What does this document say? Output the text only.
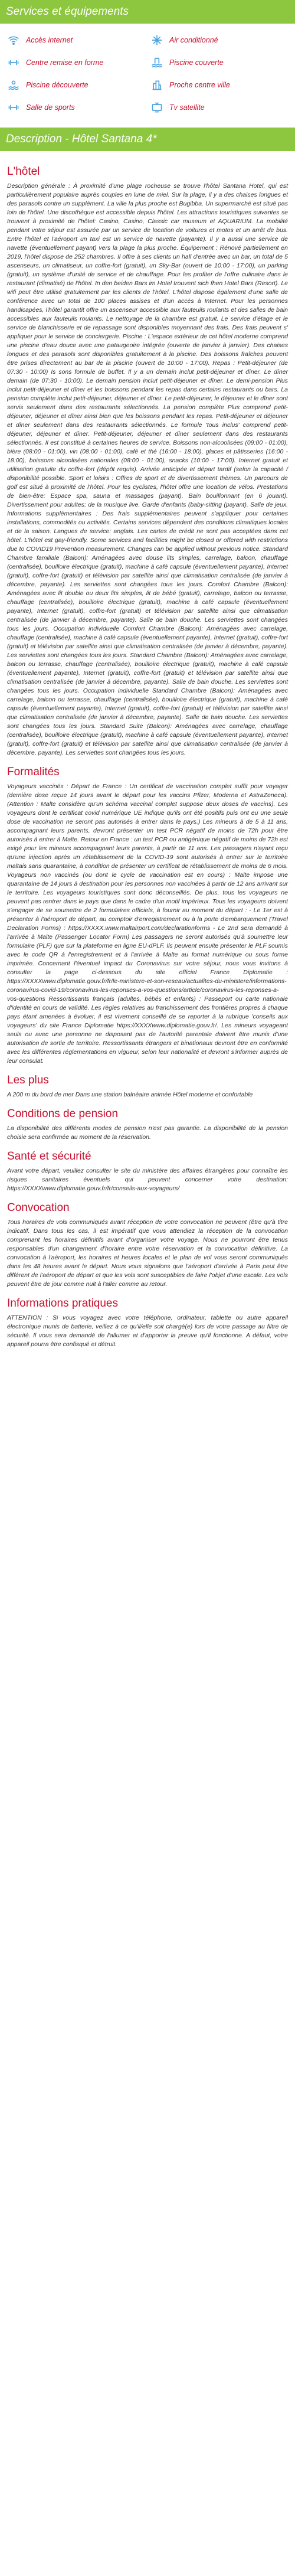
Services et équipements
Accès internet	Air conditionné
Centre remise en forme	Piscine couverte
Piscine découverte	Proche centre ville
Salle de sports	Tv satellite
Description - Hôtel Santana 4*
L'hôtel

Description générale : À proximité d'une plage rocheuse se trouve l'hôtel Santana Hotel, qui est particulièrement populaire auprès couples en lune de miel. Sur la plage, il y a des chaises longues et des parasols contre un supplément. La ville la plus proche est Bugibba. Un supermarché est situé pas loin de l'hôtel. Une discothèque est accessible depuis l'hôtel. Les attractions touristiques suivantes se trouvent à proximité de l'hôtel: Casino, Casino, Classic car museum et AQUARIUM. La mobilité pendant votre séjour est assurée par un service de location de voitures et motos et un arrêt de bus. Entre l'hôtel et l'aéroport un taxi est un service de navette (payante). Il y a aussi une service de navette (éventuellement payant) vers la plage la plus proche. Équipement : Rénové partiellement en 2019, l'hôtel dispose de 252 chambres. Il offre à ses clients un hall d'entrée avec un bar, un total de 5 ascenseurs, un climatiseur, un coffre-fort (gratuit), un Sky-Bar (ouvert de 10:00 - 17:00), un parking (gratuit), un système d'unité de service et de chauffage. Pour les profiter de l'offre culinaire dans le restaurant (climatisé) de l'hôtel. In den beiden Bars im Hotel trouvent sich fhen Hotel Bars (Resort). Le wifi peut être utilisé gratuitement par les clients de l'hôtel. L'hôtel dispose également d'une salle de conférence avec un total de 100 places assises et d'un accès à Internet. Pour les personnes handicapées, l'hôtel garantit offre un ascenseur accessible aux fauteuils roulants et des salles de bain accessibles aux fauteuils roulants. Le nettoyage de la chambre est gratuit. Le service d'étage et le service de blanchisserie et de repassage sont disponibles moyennant des frais. Des frais peuvent s' appliquer pour le service de conciergerie. Piscine : L'espace extérieur de cet hôtel moderne comprend une piscine d'eau douce avec une pataugeoire intégrée (ouverte de janvier à janvier). Des chaises longues et des parasols sont disponibles gratuitement à la piscine. Des boissons fraîches peuvent être prises directement au bar de la piscine (ouvert de 10:00 - 17:00). Repas : Petit-déjeuner (de 07:30 - 10:00) Is sons formule de buffet. Il y a un demain inclut petit-déjeuner et dîner. Le dîner demain (de 07:30 - 10:00). Le demain pension inclut petit-déjeuner et dîner. Le demi-pension Plus inclut petit-déjeuner et dîner et les boissons pendant les repas dans certains restaurants ou bars. La pension complète inclut petit-déjeuner, déjeuner et dîner. Le petit-déjeuner, le déjeuner et le dîner sont servis seulement dans des restaurants sélectionnés. La pension complète Plus comprend petit-déjeuner, déjeuner et dîner ainsi bien que les boissons pendant les repas. Petit-déjeuner et déjeuner et dîner seulement dans des restaurants sélectionnés. Le formule 'tous inclus' comprend petit-déjeuner, déjeuner et dîner. Petit-déjeuner, déjeuner et dîner seulement dans des restaurants sélectionnés. Il est constitué à certaines heures de service. Boissons non-alcoolisées (09:00 - 01:00), bière (08:00 - 01:00), vin (08:00 - 01:00), café et thé (16:00 - 18:00), glaces et pâtisseries (16:00 - 18:00), boissons alcoolisées nationales (08:00 - 01:00), snacks (10:00 - 17:00). Internet gratuit et utilisation gratuite du coffre-fort (dépôt requis). Arrivée anticipée et départ tardif (selon la capacité / disponibilité possible. Sport et loisirs : Offres de sport et de divertissement thèmes. Un parcours de golf est situé à proximité de l'hôtel. Pour les cyclistes, l'hôtel offre une location de vélos. Prestations de bien-être: Espace spa, sauna et massages (payant). Bain bouillonnant (en 6 jouant). Divertissement pour adultes: de la musique live. Garde d'enfants (baby-sitting (payant). Salle de jeux. Informations supplémentaires : Des frais supplémentaires peuvent s'appliquer pour certaines installations, commodités ou activités. Certains services dépendent des conditions climatiques locales et de la saison. Langues de service: anglais. Les cartes de crédit ne sont pas acceptées dans cet hôtel. L'hôtel est gay-friendly. Some services and facilities might be closed or offered with restrictions due to COVID19 Prevention measurement. Changes can be applied without previous notice. Standard Chambre familiale (Balcon): Aménagées avec douse lits simples, carrelage, balcon, chauffage (centralisée), bouilloire électrique (gratuit), machine à café capsule (éventuellement payante), Internet (gratuit), coffre-fort (gratuit) et télévision par satellite ainsi que climatisation centralisée (de janvier à décembre, payante). Les serviettes sont changées tous les jours. Comfort Chambre (Balcon): Aménagées avec lit double ou deux lits simples, lit de bébé (gratuit), carrelage, balcon ou terrasse, chauffage (centralisée), bouilloire électrique (gratuit), machine à café capsule (éventuellement payante), Internet (gratuit), coffre-fort (gratuit) et télévision par satellite ainsi que climatisation centralisée (de janvier à décembre, payante). Salle de bain douche. Les serviettes sont changées tous les jours. Occupation individuelle Comfort Chambre (Balcon): Aménagées avec carrelage, chauffage (centralisée), machine à café capsule (éventuellement payante), Internet (gratuit), coffre-fort (gratuit) et télévision par satellite ainsi que climatisation centralisée (de janvier à décembre, payante). Les serviettes sont changées tous les jours. Standard Chambre (Balcon): Aménagées avec carrelage, balcon ou terrasse, chauffage (centralisée), bouilloire électrique (gratuit), machine à café capsule (éventuellement payante), Internet (gratuit), coffre-fort (gratuit) et télévision par satellite ainsi que climatisation centralisée (de janvier à décembre, payante). Salle de bain douche. Les serviettes sont changées tous les jours. Occupation individuelle Standard Chambre (Balcon): Aménagées avec carrelage, balcon ou terrasse, chauffage (centralisée), bouilloire électrique (gratuit), machine à café capsule (éventuellement payante), Internet (gratuit), coffre-fort (gratuit) et télévision par satellite ainsi que climatisation centralisée (de janvier à décembre, payante). Salle de bain douche. Les serviettes sont changées tous les jours. Standard Suite (Balcon): Aménagées avec carrelage, chauffage (centralisée), bouilloire électrique (gratuit), machine à café capsule (éventuellement payante), Internet (gratuit), coffre-fort (gratuit) et télévision par satellite ainsi que climatisation centralisée (de janvier à décembre, payante). Les serviettes sont changées tous les jours.

Formalités

Voyageurs vaccinés : Départ de France : Un certificat de vaccination complet suffit pour voyager (dernière dose reçue 14 jours avant le départ pour les vaccins Pfizer, Moderna et AstraZeneca). (Attention : Malte considère qu'un schéma vaccinal complet suppose deux doses de vaccins). Les voyageurs dont le certificat covid numérique UE indique qu'ils ont été positifs puis ont eu une seule dose de vaccination ne seront pas autorisés à entrer dans le pays.) Les mineurs à de 5 à 11 ans, accompagnant leurs parents, devront présenter un test PCR négatif de moins de 72h pour être autorisés à entrer à Malte. Retour en France : un test PCR ou antigénique négatif de moins de 72h est exigé pour les mineurs accompagnant leurs parents, à partir de 11 ans. Les passagers n'ayant reçu qu'une injection après un rétablissement de la COVID-19 sont autorisés à entrer sur le territoire maltais sans quarantaine, à condition de présenter un certificat de rétablissement de moins de 6 mois. Voyageurs non vaccinés (ou dont le cycle de vaccination est en cours) : Malte impose une quarantaine de 14 jours à destination pour les personnes non vaccinées à partir de 12 ans arrivant sur le territoire. Les voyageurs touristiques sont donc déconseillés. De plus, tous les voyageurs ne peuvent pas rentrer dans le pays que dans le cadre d'un motif impérieux. Tous les voyageurs doivent s'engager de se soumettre de 2 formulaires officiels, à fournir au moment du départ : - Le 1er est à présenter à l'aéroport de départ, au comptoir d'enregistrement ou à la porte d'embarquement (Travel Declaration Forms) : https://XXXX.www.maltairport.com/declarationforms - Le 2nd sera demandé à l'arrivée à Malte (Passenger Locator Form) Les passagers ne seront autorisés qu'à soumettre leur formulaire (PLF) que sur la plateforme en ligne EU-dPLF. Ils peuvent ensuite présenter le PLF soumis avec le code QR à l'enregistrement et à l'arrivée à Malte au format numérique ou sous forme imprimée. Concernant l'éventuel impact du Coronavirus sur votre séjour, nous vous invitons à consulter la page ci-dessous du site officiel France Diplomatie : https://XXXXwww.diplomatie.gouv.fr/fr/le-ministere-et-son-reseau/actualites-du-ministere/informations-coronavirus-covid-19/coronavirus-les-reponses-a-vos-questions/article/coronavirus-les-reponses-a-vos-questions Ressortissants français (adultes, bébés et enfants) : Passeport ou carte nationale d'identité en cours de validité. Les règles relatives au franchissement des frontières propres à chaque pays étant amenées à évoluer, il est vivement conseillé de se reporter à la rubrique 'conseils aux voyageurs' du site France Diplomatie https://XXXXwww.diplomatie.gouv.fr/. Les mineurs voyageant seuls ou avec une personne ne disposant pas de l'autorité parentale doivent être munis d'une autorisation de sortie de territoire. Ressortissants étrangers et binationaux devront être en conformité avec les différentes réglementations en vigueur, selon leur nationalité et devront s'informer auprès de leur consulat.

Les plus

A 200 m du bord de mer Dans une station balnéaire animée Hôtel moderne et confortable

Conditions de pension

La disponibilité des différents modes de pension n'est pas garantie. La disponibilité de la pension choisie sera confirmée au moment de la réservation.

Santé et sécurité

Avant votre départ, veuillez consulter le site du ministère des affaires étrangères pour connaître les risques sanitaires éventuels qui peuvent concerner votre destination: https://XXXXwww.diplomatie.gouv.fr/fr/conseils-aux-voyageurs/

Convocation

Tous horaires de vols communiqués avant réception de votre convocation ne peuvent (être qu'à titre indicatif. Dans tous les cas, il est impératif que vous attendiez la réception de la convocation comprenant les horaires définitifs avant d'organiser votre voyage. Nous ne pourront être tenus responsables d'un changement d'horaire entre votre réservation et la convocation définitive. La convocation à l'aéroport, les horaires et heures locales et le plan de vol vous seront communiqués dans les 48 heures avant le départ. Nous vous signalons que l'aéroport d'arrivée à Paris peut être différent de l'aéroport de départ et que les vols sont susceptibles de faire l'objet d'une escale. Les vols peuvent être de jour comme nuit à l'aller comme au retour.

Informations pratiques

ATTENTION : Si vous voyagez avec votre téléphone, ordinateur, tablette ou autre appareil électronique munis de batterie, veillez à ce qu'il/elle soit chargé(e) lors de votre passage au filtre de sécurité. Il vous sera demandé de l'allumer et d'apporter la preuve qu'il fonctionne. A défaut, votre appareil pourra être confisqué et détruit.
